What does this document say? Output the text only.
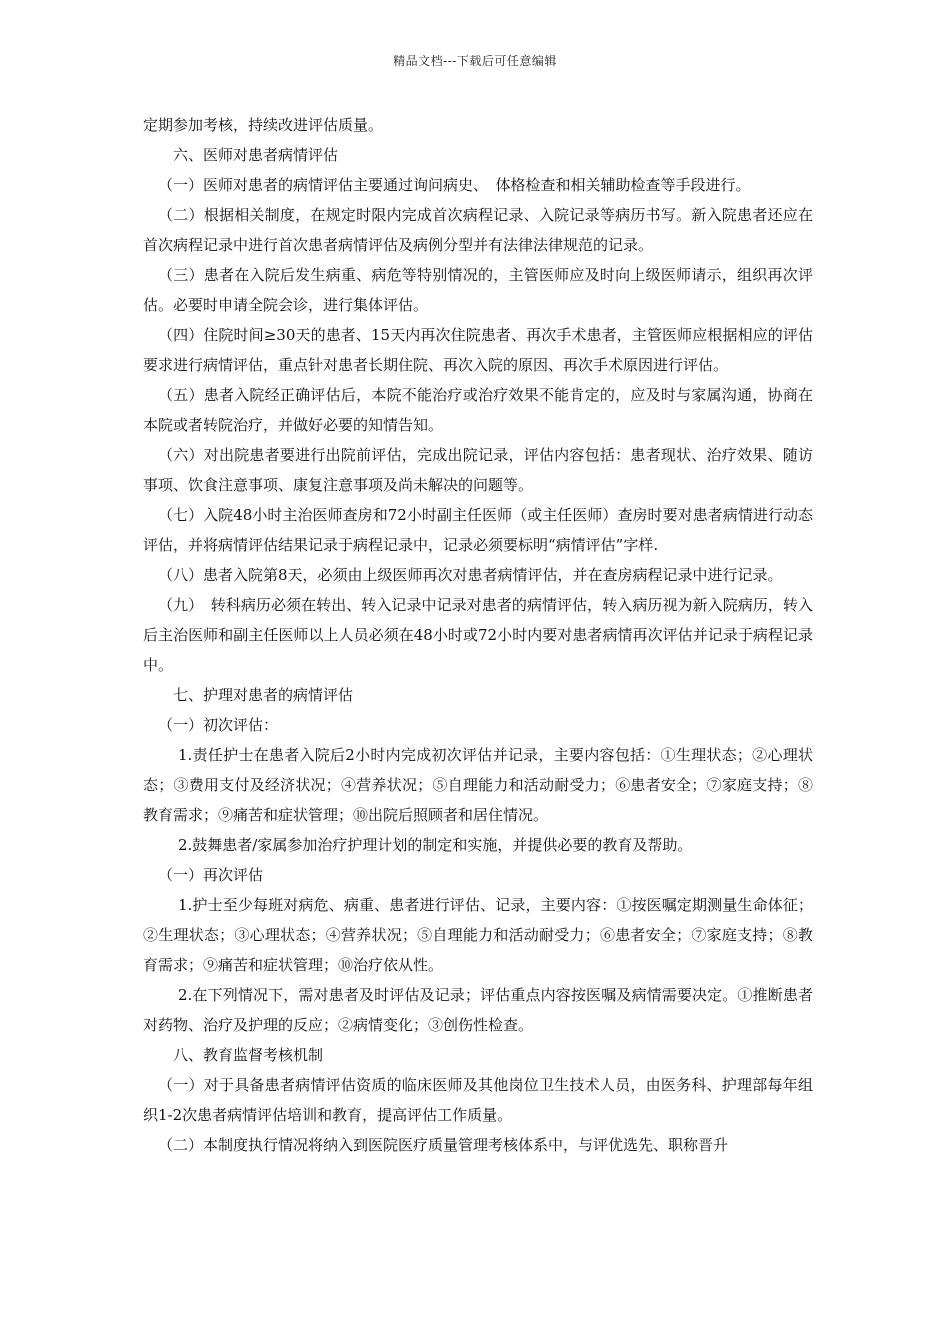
精品文档---下载后可任意编辑

定期参加考核，持续改进评估质量。

六、医师对患者病情评估

（一）医师对患者的病情评估主要通过询问病史、　体格检查和相关辅助检查等手段进行。

（二）根据相关制度，在规定时限内完成首次病程记录、入院记录等病历书写。新入院患者还应在首次病程记录中进行首次患者病情评估及病例分型并有法律法律规范的记录。

（三）患者在入院后发生病重、病危等特别情况的，主管医师应及时向上级医师请示，组织再次评估。必要时申请全院会诊，进行集体评估。

（四）住院时间≥30天的患者、15天内再次住院患者、再次手术患者，主管医师应根据相应的评估要求进行病情评估，重点针对患者长期住院、再次入院的原因、再次手术原因进行评估。

（五）患者入院经正确评估后，本院不能治疗或治疗效果不能肯定的，应及时与家属沟通，协商在本院或者转院治疗，并做好必要的知情告知。

（六）对出院患者要进行出院前评估，完成出院记录，评估内容包括：患者现状、治疗效果、随访事项、饮食注意事项、康复注意事项及尚未解决的问题等。

（七）入院48小时主治医师查房和72小时副主任医师（或主任医师）查房时要对患者病情进行动态评估，并将病情评估结果记录于病程记录中，记录必须要标明“病情评估”字样.

（八）患者入院第8天，必须由上级医师再次对患者病情评估，并在查房病程记录中进行记录。

（九）　转科病历必须在转出、转入记录中记录对患者的病情评估，转入病历视为新入院病历，转入后主治医师和副主任医师以上人员必须在48小时或72小时内要对患者病情再次评估并记录于病程记录中。

七、护理对患者的病情评估

（一）初次评估：

1.责任护士在患者入院后2小时内完成初次评估并记录，主要内容包括：①生理状态；②心理状态；③费用支付及经济状况；④营养状况；⑤自理能力和活动耐受力；⑥患者安全；⑦家庭支持；⑧教育需求；⑨痛苦和症状管理；⑩出院后照顾者和居住情况。

2.鼓舞患者/家属参加治疗护理计划的制定和实施，并提供必要的教育及帮助。

（一）再次评估

1.护士至少每班对病危、病重、患者进行评估、记录，主要内容：①按医嘱定期测量生命体征；②生理状态；③心理状态；④营养状况；⑤自理能力和活动耐受力；⑥患者安全；⑦家庭支持；⑧教育需求；⑨痛苦和症状管理；⑩治疗依从性。

2.在下列情况下，需对患者及时评估及记录；评估重点内容按医嘱及病情需要决定。①推断患者对药物、治疗及护理的反应；②病情变化；③创伤性检查。

八、教育监督考核机制

（一）对于具备患者病情评估资质的临床医师及其他岗位卫生技术人员，由医务科、护理部每年组织1-2次患者病情评估培训和教育，提高评估工作质量。

（二）本制度执行情况将纳入到医院医疗质量管理考核体系中，与评优选先、职称晋升
